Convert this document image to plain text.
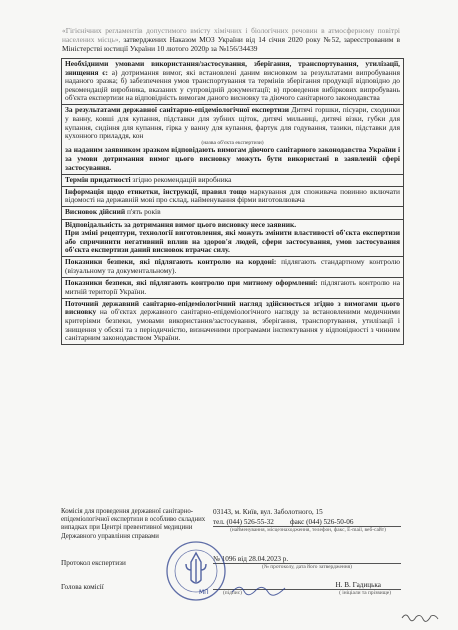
«Гігієнічних регламентів допустимого вмісту хімічних і біологічних речовин в атмосферному повітрі населених місць», затверджених Наказом МОЗ України від 14 січня 2020 року №52, зареєстрованим в Міністерстві юстиції України 10 лютого 2020р за №156/34439
Необхідними умовами використання/застосування, зберігання, транспортування, утилізації, знищення є: а) дотримання вимог, які встановлені даним висновком за результатами випробування наданого зразка; б) забезпечення умов транспортування та термінів зберігання продукції відповідно до рекомендацій виробника, вказаних у супровідній документації; в) проведення вибіркових випробувань об'єкта експертизи на відповідність вимогам даного висновку та діючого санітарного законодавства
За результатами державної санітарно-епідеміологічної експертизи Дитячі горшки, пісуари, сходинки у ванну, ковші для купання, підставки для зубних щіток, дитячі мильниці, дитячі візки, губки для купання, сидіння для купання, гірка у ванну для купання, фартук для годування, тазики, підставки для кухонного приладдя, кон
(назва об'єкта експертизи)
за наданим заявником зразком відповідають вимогам діючого санітарного законодавства України і за умови дотримання вимог цього висновку можуть бути використані в заявленій сфері застосування.
Термін придатності згідно рекомендацій виробника
Інформація щодо етикетки, інструкції, правил тощо маркування для споживача повинно включати відомості на державній мові про склад, найменування фірми виготовлювача
Висновок дійсний п'ять років
Відповідальність за дотримання вимог цього висновку несе заявник.
При зміні рецептури, технології виготовлення, які можуть змінити властивості об'єкта експертизи або спричинити негативний вплив на здоров'я людей, сфери застосування, умов застосування об'єкта експертизи даний висновок втрачає силу.
Показники безпеки, які підлягають контролю на кордоні: підлягають стандартному контролю (візуальному та документальному).
Показники безпеки, які підлягають контролю при митному оформленні: підлягають контролю на митній території України.
Поточний державний санітарно-епідеміологічний нагляд здійснюється згідно з вимогами цього висновку на об'єктах державного санітарно-епідеміологічного нагляду за встановленими медичними критеріями безпеки, умовами використання/застосування, зберігання, транспортування, утилізації і знищення у обсязі та з періодичністю, визначеними програмами інспектування у відповідності з чинним санітарним законодавством України.
Комісія для проведення державної санітарно-епідеміологічної експертизи в особливо складних випадках при Центрі превентивної медицини Державного управління справами
03143, м. Київ, вул. Заболотного, 15
тел. (044) 526-55-32         факс (044) 526-50-06
(найменування, місцезнаходження, телефон, факс, E-mail, веб-сайт)
Протокол експертизи	№ 1096 від 28.04.2023 р.
(№ протоколу, дата його затвердження)
Голова комісії	Н. В. Гадицька
(підпис)	( ініціали та прізвище)
МП
